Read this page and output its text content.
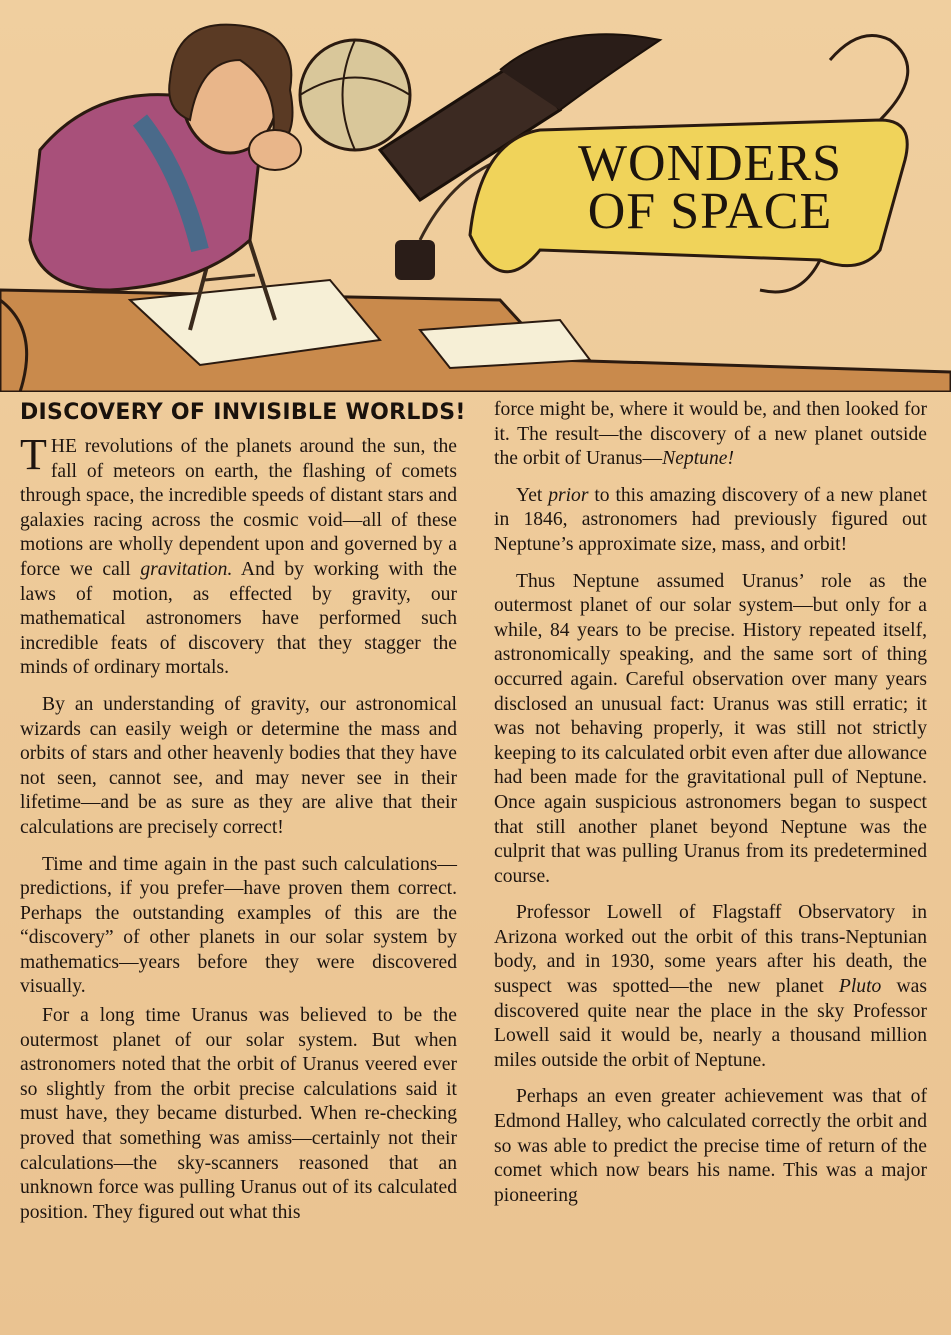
WONDERS
OF SPACE
DISCOVERY OF INVISIBLE WORLDS!

THE revolutions of the planets around the sun, the fall of meteors on earth, the flashing of comets through space, the incredible speeds of distant stars and galaxies racing across the cosmic void—all of these motions are wholly dependent upon and governed by a force we call gravitation. And by working with the laws of motion, as effected by gravity, our mathematical astronomers have performed such incredible feats of discovery that they stagger the minds of ordinary mortals.

By an understanding of gravity, our astronomical wizards can easily weigh or determine the mass and orbits of stars and other heavenly bodies that they have not seen, cannot see, and may never see in their lifetime—and be as sure as they are alive that their calculations are precisely correct!

Time and time again in the past such calculations—predictions, if you prefer—have proven them correct. Perhaps the outstanding examples of this are the “discovery” of other planets in our solar system by mathematics—years before they were discovered visually.

For a long time Uranus was believed to be the outermost planet of our solar system. But when astronomers noted that the orbit of Uranus veered ever so slightly from the orbit precise calculations said it must have, they became disturbed. When re-checking proved that something was amiss—certainly not their calculations—the sky-scanners reasoned that an unknown force was pulling Uranus out of its calculated position. They figured out what this

force might be, where it would be, and then looked for it. The result—the discovery of a new planet outside the orbit of Uranus—Neptune!

Yet prior to this amazing discovery of a new planet in 1846, astronomers had previously figured out Neptune’s approximate size, mass, and orbit!

Thus Neptune assumed Uranus’ role as the outermost planet of our solar system—but only for a while, 84 years to be precise. History repeated itself, astronomically speaking, and the same sort of thing occurred again. Careful observation over many years disclosed an unusual fact: Uranus was still erratic; it was not behaving properly, it was still not strictly keeping to its calculated orbit even after due allowance had been made for the gravitational pull of Neptune. Once again suspicious astronomers began to suspect that still another planet beyond Neptune was the culprit that was pulling Uranus from its predetermined course.

Professor Lowell of Flagstaff Observatory in Arizona worked out the orbit of this trans-Neptunian body, and in 1930, some years after his death, the suspect was spotted—the new planet Pluto was discovered quite near the place in the sky Professor Lowell said it would be, nearly a thousand million miles outside the orbit of Neptune.

Perhaps an even greater achievement was that of Edmond Halley, who calculated correctly the orbit and so was able to predict the precise time of return of the comet which now bears his name. This was a major pioneering
